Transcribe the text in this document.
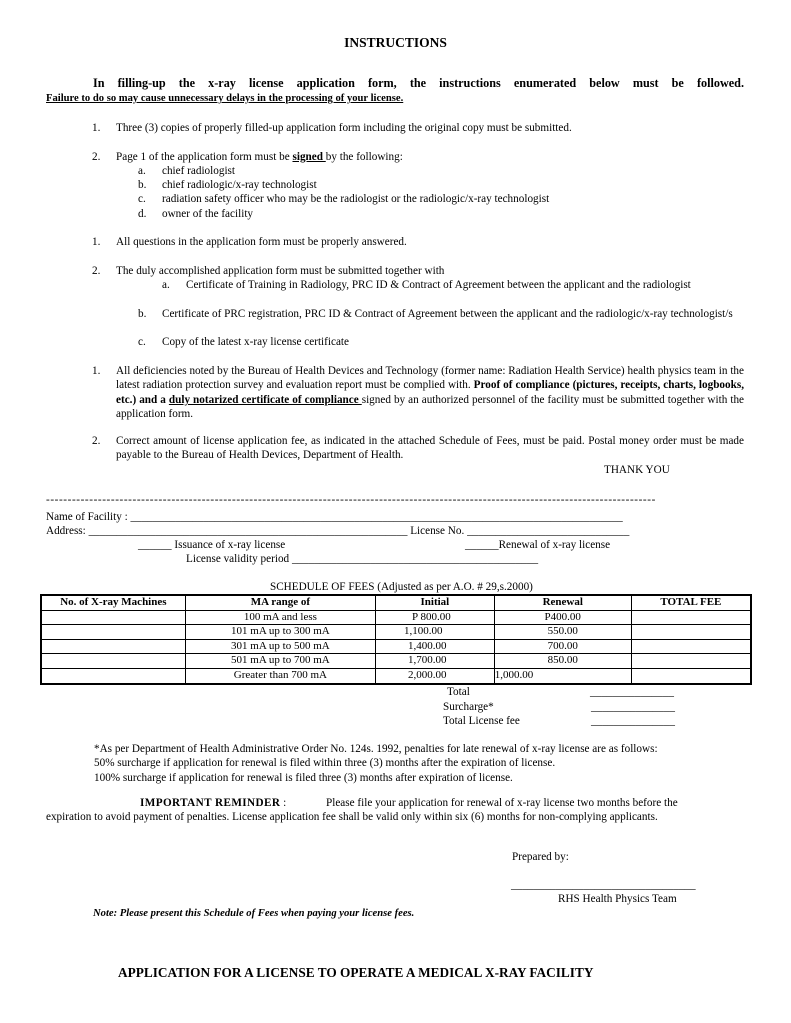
INSTRUCTIONS
In filling-up the x-ray license application form, the instructions enumerated below must be followed.
Failure to do so may cause unnecessary delays in the processing of your license.
1. Three (3) copies of properly filled-up application form including the original copy must be submitted.
2. Page 1 of the application form must be signed by the following:
a. chief radiologist
b. chief radiologic/x-ray technologist
c. radiation safety officer who may be the radiologist or the radiologic/x-ray technologist
d. owner of the facility
1. All questions in the application form must be properly answered.
2. The duly accomplished application form must be submitted together with
a. Certificate of Training in Radiology, PRC ID & Contract of Agreement between the applicant and the radiologist
b. Certificate of PRC registration, PRC ID & Contract of Agreement between the applicant and the radiologic/x-ray technologist/s
c. Copy of the latest x-ray license certificate
1. All deficiencies noted by the Bureau of Health Devices and Technology (former name: Radiation Health Service) health physics team in the latest radiation protection survey and evaluation report must be complied with. Proof of compliance (pictures, receipts, charts, logbooks, etc.) and a duly notarized certificate of compliance signed by an authorized personnel of the facility must be submitted together with the application form.
2. Correct amount of license application fee, as indicated in the attached Schedule of Fees, must be paid. Postal money order must be made payable to the Bureau of Health Devices, Department of Health.
THANK YOU
---------------------------------------------------------------------------------------------------------------------------------------------
Name of Facility : ________________________________________________________________________________________
Address: _________________________________________________________ License No. _____________________________
______ Issuance of x-ray license	______Renewal of x-ray license
License validity period ____________________________________________
SCHEDULE OF FEES (Adjusted as per A.O. # 29,s.2000)
No. of X-ray Machines	MA range of	Initial	Renewal	TOTAL FEE
	100 mA and less	P 800.00	P400.00	
	101 mA up to 300 mA	1,100.00	550.00	
	301 mA up to 500 mA	1,400.00	700.00	
	501 mA up to 700 mA	1,700.00	850.00	
	Greater than 700 mA	2,000.00	1,000.00	
Total	_______________
Surcharge*	_______________
Total License fee	_______________
*As per Department of Health Administrative Order No. 124s. 1992, penalties for late renewal of x-ray license are as follows:
50% surcharge if application for renewal is filed within three (3) months after the expiration of license.
100% surcharge if application for renewal is filed three (3) months after expiration of license.
IMPORTANT REMINDER :	Please file your application for renewal of x-ray license two months before the
expiration to avoid payment of penalties. License application fee shall be valid only within six (6) months for non-complying applicants.
Prepared by:
_________________________________
RHS Health Physics Team
Note: Please present this Schedule of Fees when paying your license fees.
APPLICATION FOR A LICENSE TO OPERATE A MEDICAL X-RAY FACILITY
